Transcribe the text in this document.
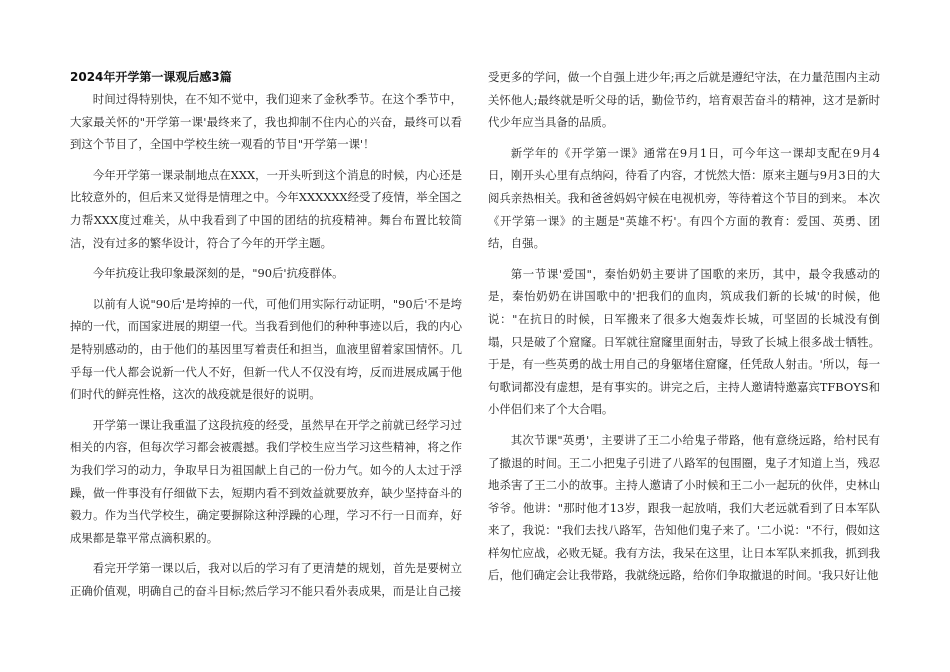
2024年开学第一课观后感3篇

时间过得特别快，在不知不觉中，我们迎来了金秋季节。在这个季节中，大家最关怀的"开学第一课'最终来了，我也抑制不住内心的兴奋，最终可以看到这个节目了，全国中学校生统一观看的节目"开学第一课'！

今年开学第一课录制地点在XXX，一开头听到这个消息的时候，内心还是比较意外的，但后来又觉得是情理之中。今年XXXXXX经受了疫情，举全国之力帮XXX度过难关，从中我看到了中国的团结的抗疫精神。舞台布置比较简洁，没有过多的繁华设计，符合了今年的开学主题。

今年抗疫让我印象最深刻的是，"90后'抗疫群体。

以前有人说"90后'是垮掉的一代，可他们用实际行动证明，"90后'不是垮掉的一代，而国家进展的期望一代。当我看到他们的种种事迹以后，我的内心是特别感动的，由于他们的基因里写着责任和担当，血液里留着家国情怀。几乎每一代人都会说新一代人不好，但新一代人不仅没有垮，反而进展成属于他们时代的鲜亮性格，这次的战疫就是很好的说明。

开学第一课让我重温了这段抗疫的经受，虽然早在开学之前就已经学习过相关的内容，但每次学习都会被震撼。我们学校生应当学习这些精神，将之作为我们学习的动力，争取早日为祖国献上自己的一份力气。如今的人太过于浮躁，做一件事没有仔细做下去，短期内看不到效益就要放弃，缺少坚持奋斗的毅力。作为当代学校生，确定要摒除这种浮躁的心理，学习不行一日而弃，好成果都是靠平常点滴积累的。

看完开学第一课以后，我对以后的学习有了更清楚的规划，首先是要树立正确价值观，明确自己的奋斗目标;然后学习不能只看外表成果，而是让自己接

受更多的学问，做一个自强上进少年;再之后就是遵纪守法，在力量范围内主动关怀他人;最终就是听父母的话，勤俭节约，培育艰苦奋斗的精神，这才是新时代少年应当具备的品质。

新学年的《开学第一课》通常在9月1日，可今年这一课却支配在9月4日，刚开头心里有点纳闷，待看了内容，才恍然大悟：原来主题与9月3日的大阅兵亲热相关。我和爸爸妈妈守候在电视机旁，等待着这个节目的到来。 本次《开学第一课》的主题是"英雄不朽'。有四个方面的教育：爱国、英勇、团结，自强。

第一节课'爱国"，秦怡奶奶主要讲了国歌的来历，其中，最令我感动的是，秦怡奶奶在讲国歌中的'把我们的血肉，筑成我们新的长城'的时候，他说："在抗日的时候，日军搬来了很多大炮轰炸长城，可坚固的长城没有倒塌，只是破了个窟窿。日军就往窟窿里面射击，导致了长城上很多战士牺牲。于是，有一些英勇的战士用自己的身躯堵住窟窿，任凭敌人射击。'所以，每一句歌词都没有虚想，是有事实的。讲完之后，主持人邀请特邀嘉宾TFBOYS和小伴侣们来了个大合唱。

其次节课"英勇'，主要讲了王二小给鬼子带路，他有意绕远路，给村民有了撤退的时间。王二小把鬼子引进了八路军的包围圈，鬼子才知道上当，残忍地杀害了王二小的故事。主持人邀请了小时候和王二小一起玩的伙伴，史林山爷爷。他讲："那时他才13岁，跟我一起放哨，我们大老远就看到了日本军队来了，我说："我们去找八路军，告知他们鬼子来了。'二小说："不行，假如这样匆忙应战，必败无疑。我有方法，我呆在这里，让日本军队来抓我，抓到我后，他们确定会让我带路，我就绕远路，给你们争取撤退的时间。'我只好让他
